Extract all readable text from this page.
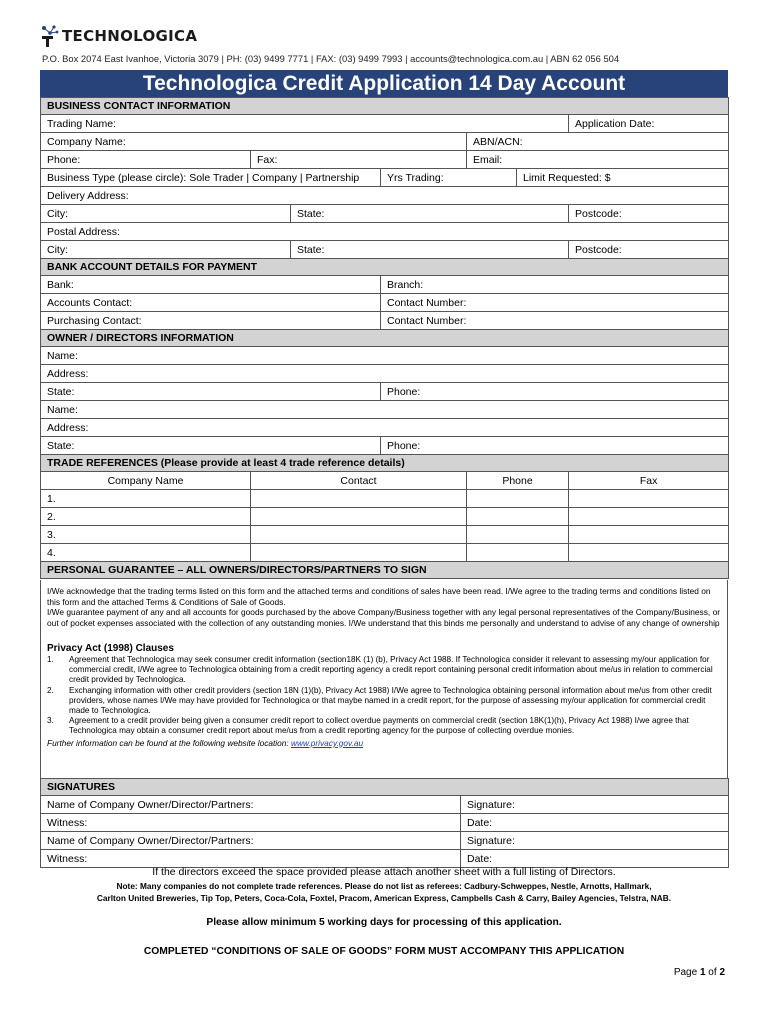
TECHNOLOGICA
P.O. Box 2074 East Ivanhoe, Victoria 3079 | PH: (03) 9499 7771 | FAX: (03) 9499 7993 | accounts@technologica.com.au | ABN 62 056 504
Technologica Credit Application 14 Day Account
BUSINESS CONTACT INFORMATION						
Trading Name:						Application Date:
Company Name:				ABN/ACN:		
Phone:	Fax:			Email:		
Business Type (please circle): Sole Trader | Company | Partnership			Yrs Trading:		Limit Requested: $	
Delivery Address:						
City:		State:				Postcode:
Postal Address:						
City:		State:				Postcode:
BANK ACCOUNT DETAILS FOR PAYMENT						
Bank:			Branch:			
Accounts Contact:			Contact Number:			
Purchasing Contact:			Contact Number:			
OWNER / DIRECTORS INFORMATION						
Name:						
Address:						
State:			Phone:			
Name:						
Address:						
State:			Phone:			
TRADE REFERENCES (Please provide at least 4 trade reference details)						
Company Name	Contact			Phone		Fax
1.						
2.						
3.						
4.						
PERSONAL GUARANTEE – ALL OWNERS/DIRECTORS/PARTNERS TO SIGN						

I/We acknowledge that the trading terms listed on this form and the attached terms and conditions of sales have been read. I/We agree to the trading terms and conditions listed on this form and the attached Terms & Conditions of Sale of Goods.

I/We guarantee payment of any and all accounts for goods purchased by the above Company/Business together with any legal personal representatives of the Company/Business, or out of pocket expenses associated with the collection of any outstanding monies. I/We understand that this binds me personally and understand to advise of any change of ownership

Privacy Act (1998) Clauses
1.	Agreement that Technologica may seek consumer credit information (section18K (1) (b), Privacy Act 1988. If Technologica consider it relevant to assessing my/our application for commercial credit, I/We agree to Technologica obtaining from a credit reporting agency a credit report containing personal credit information about me/us in relation to commercial credit provided by Technologica.
2.	Exchanging information with other credit providers (section 18N (1)(b), Privacy Act 1988) I/We agree to Technologica obtaining personal information about me/us from other credit providers, whose names I/We may have provided for Technologica or that maybe named in a credit report, for the purpose of assessing my/our application for commercial credit made to Technologica.
3.	Agreement to a credit provider being given a consumer credit report to collect overdue payments on commercial credit (section 18K(1)(h), Privacy Act 1988) I/we agree that Technologica may obtain a consumer credit report about me/us from a credit reporting agency for the purpose of collecting overdue monies.
Further information can be found at the following website location: www.privacy.gov.au
SIGNATURES	
Name of Company Owner/Director/Partners:	Signature:
Witness:	Date:
Name of Company Owner/Director/Partners:	Signature:
Witness:	Date:
If the directors exceed the space provided please attach another sheet with a full listing of Directors.
Note: Many companies do not complete trade references. Please do not list as referees: Cadbury-Schweppes, Nestle, Arnotts, Hallmark,
Carlton United Breweries, Tip Top, Peters, Coca-Cola, Foxtel, Pracom, American Express, Campbells Cash & Carry, Bailey Agencies, Telstra, NAB.
Please allow minimum 5 working days for processing of this application.
COMPLETED “CONDITIONS OF SALE OF GOODS” FORM MUST ACCOMPANY THIS APPLICATION
Page 1 of 2
